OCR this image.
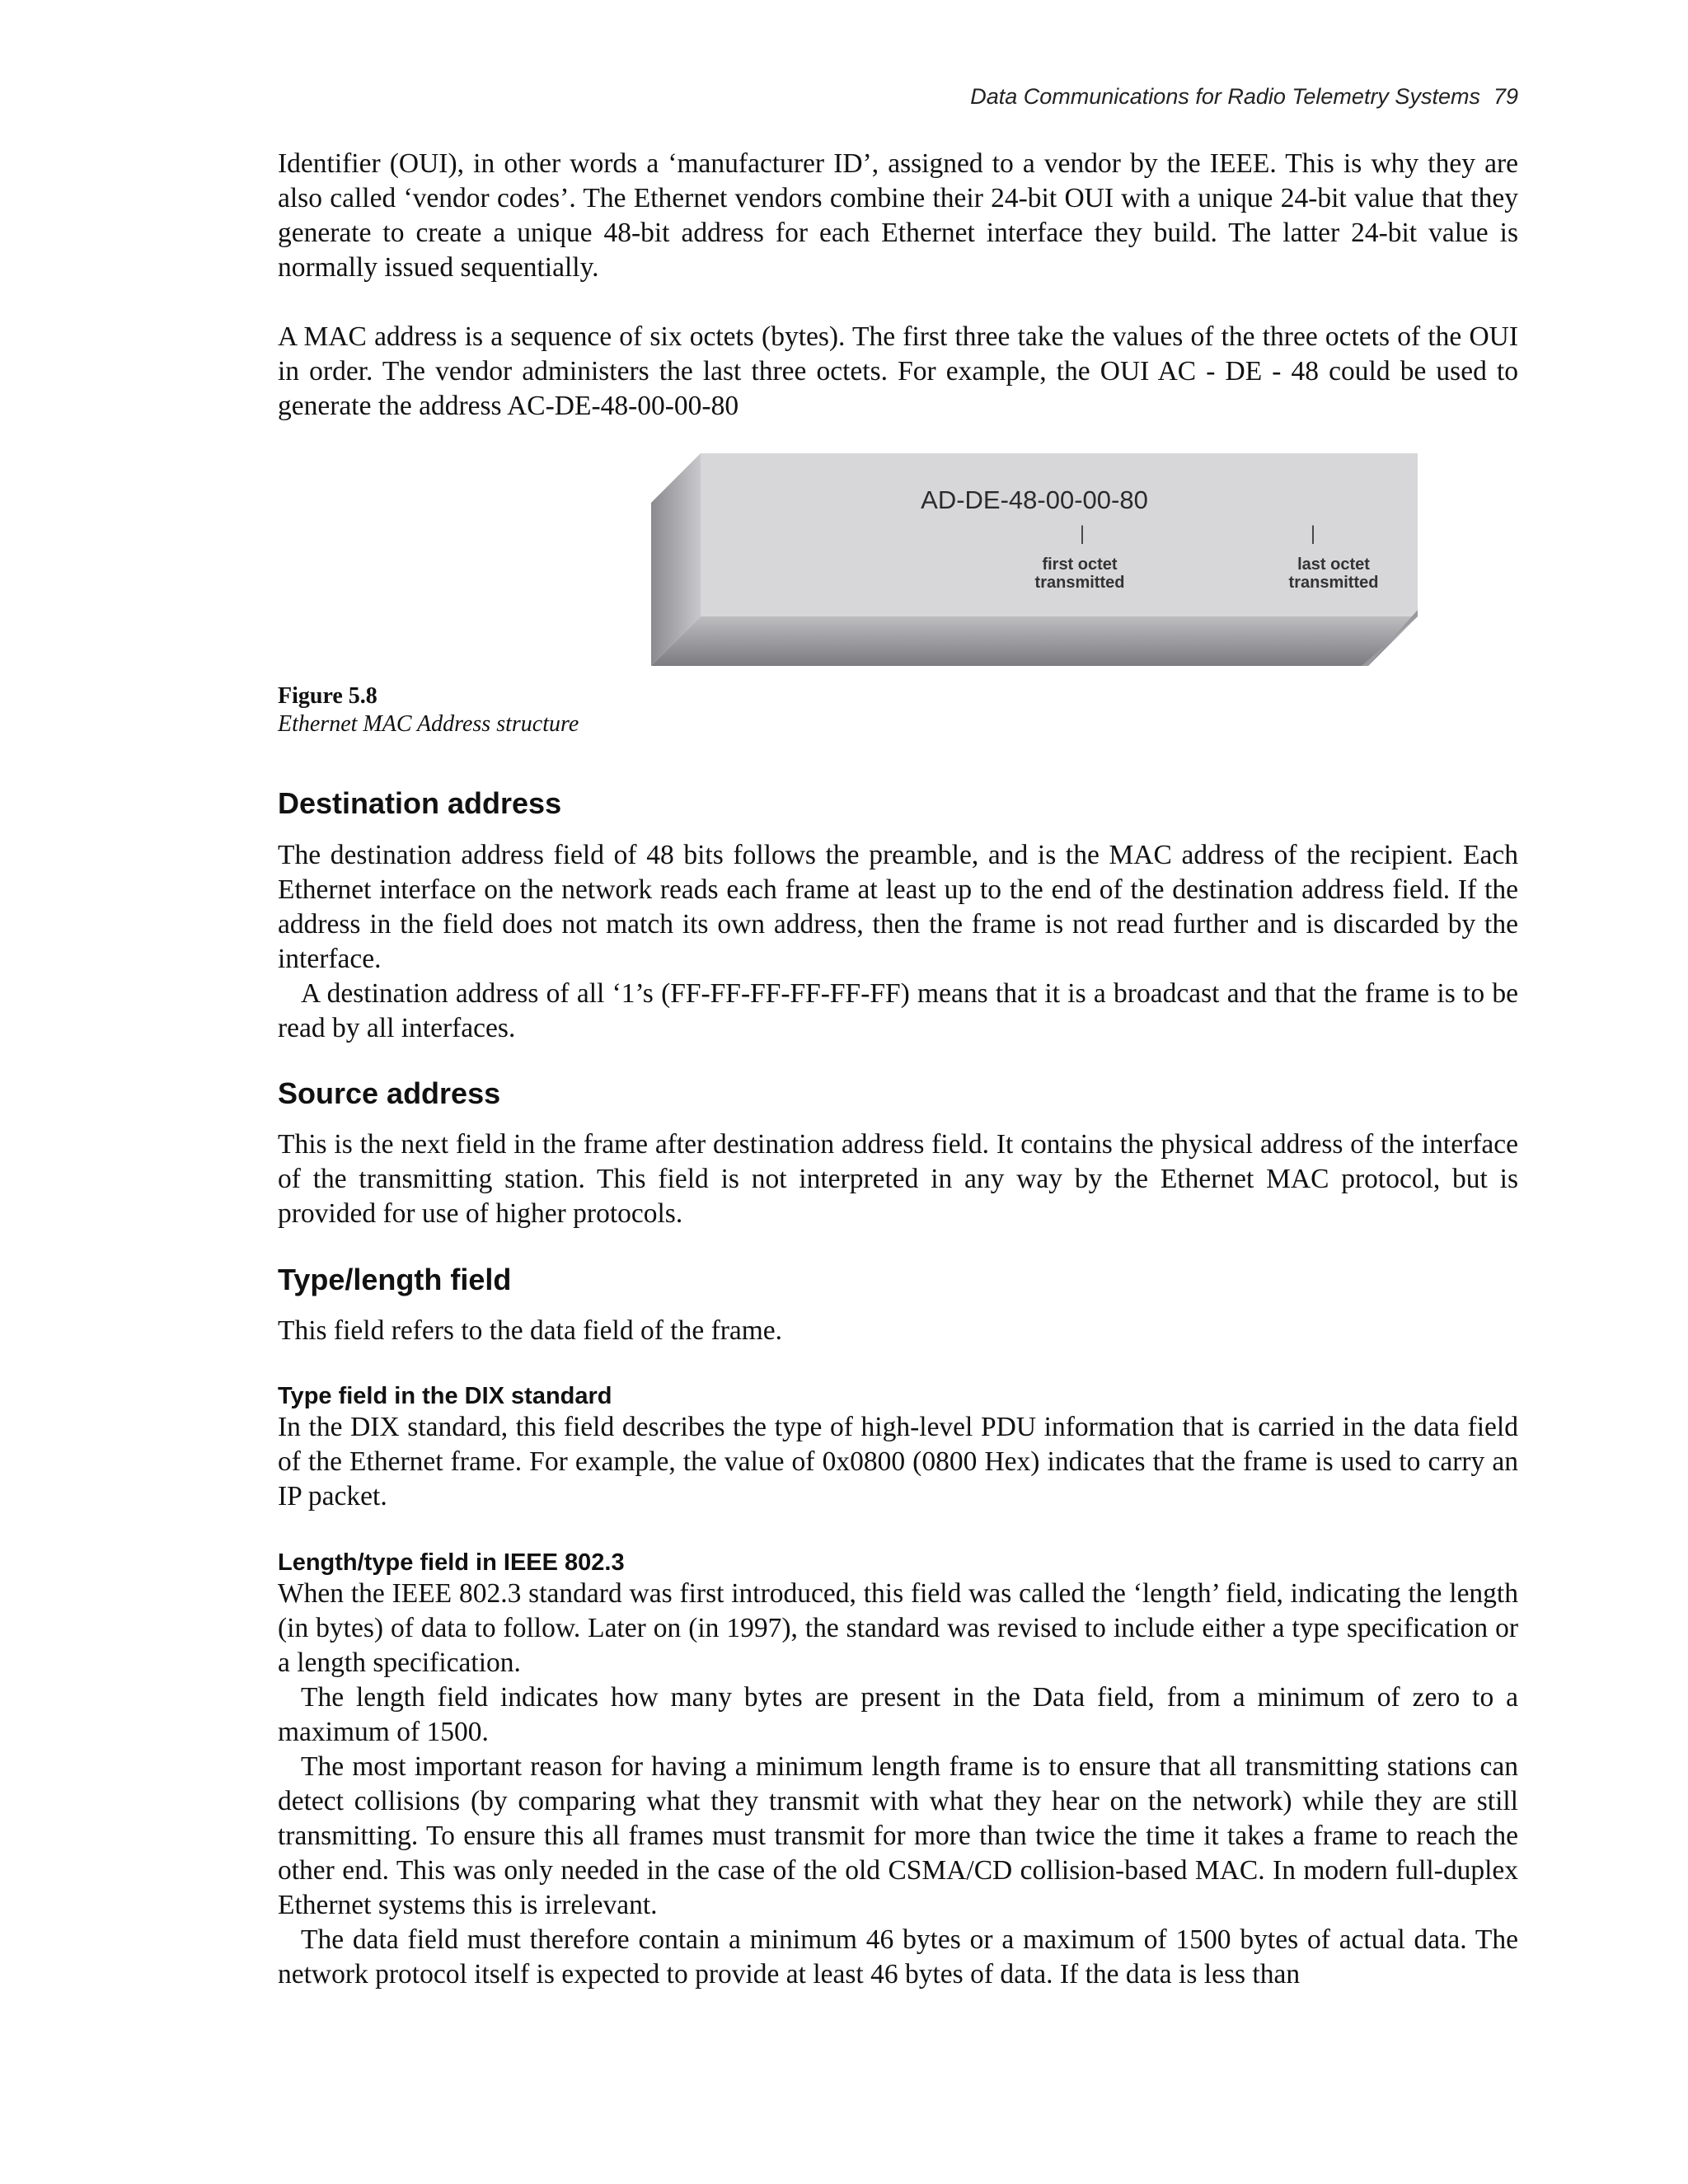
Data Communications for Radio Telemetry Systems 79

Identifier (OUI), in other words a ‘manufacturer ID’, assigned to a vendor by the IEEE. This is why they are also called ‘vendor codes’. The Ethernet vendors combine their 24-bit OUI with a unique 24-bit value that they generate to create a unique 48-bit address for each Ethernet interface they build. The latter 24-bit value is normally issued sequentially.

A MAC address is a sequence of six octets (bytes). The first three take the values of the three octets of the OUI in order. The vendor administers the last three octets. For example, the OUI AC - DE - 48 could be used to generate the address AC-DE-48-00-00-80

AD-DE-48-00-00-80
|	|
first octet
transmitted
last octet
transmitted
Figure 5.8
Ethernet MAC Address structure
Destination address

The destination address field of 48 bits follows the preamble, and is the MAC address of the recipient. Each Ethernet interface on the network reads each frame at least up to the end of the destination address field. If the address in the field does not match its own address, then the frame is not read further and is discarded by the interface.

A destination address of all ‘1’s (FF-FF-FF-FF-FF-FF) means that it is a broadcast and that the frame is to be read by all interfaces.

Source address

This is the next field in the frame after destination address field. It contains the physical address of the interface of the transmitting station. This field is not interpreted in any way by the Ethernet MAC protocol, but is provided for use of higher protocols.

Type/length field

This field refers to the data field of the frame.

Type field in the DIX standard

In the DIX standard, this field describes the type of high-level PDU information that is carried in the data field of the Ethernet frame. For example, the value of 0x0800 (0800 Hex) indicates that the frame is used to carry an IP packet.

Length/type field in IEEE 802.3

When the IEEE 802.3 standard was first introduced, this field was called the ‘length’ field, indicating the length (in bytes) of data to follow. Later on (in 1997), the standard was revised to include either a type specification or a length specification.

The length field indicates how many bytes are present in the Data field, from a minimum of zero to a maximum of 1500.

The most important reason for having a minimum length frame is to ensure that all transmitting stations can detect collisions (by comparing what they transmit with what they hear on the network) while they are still transmitting. To ensure this all frames must transmit for more than twice the time it takes a frame to reach the other end. This was only needed in the case of the old CSMA/CD collision-based MAC. In modern full-duplex Ethernet systems this is irrelevant.

The data field must therefore contain a minimum 46 bytes or a maximum of 1500 bytes of actual data. The network protocol itself is expected to provide at least 46 bytes of data. If the data is less than
